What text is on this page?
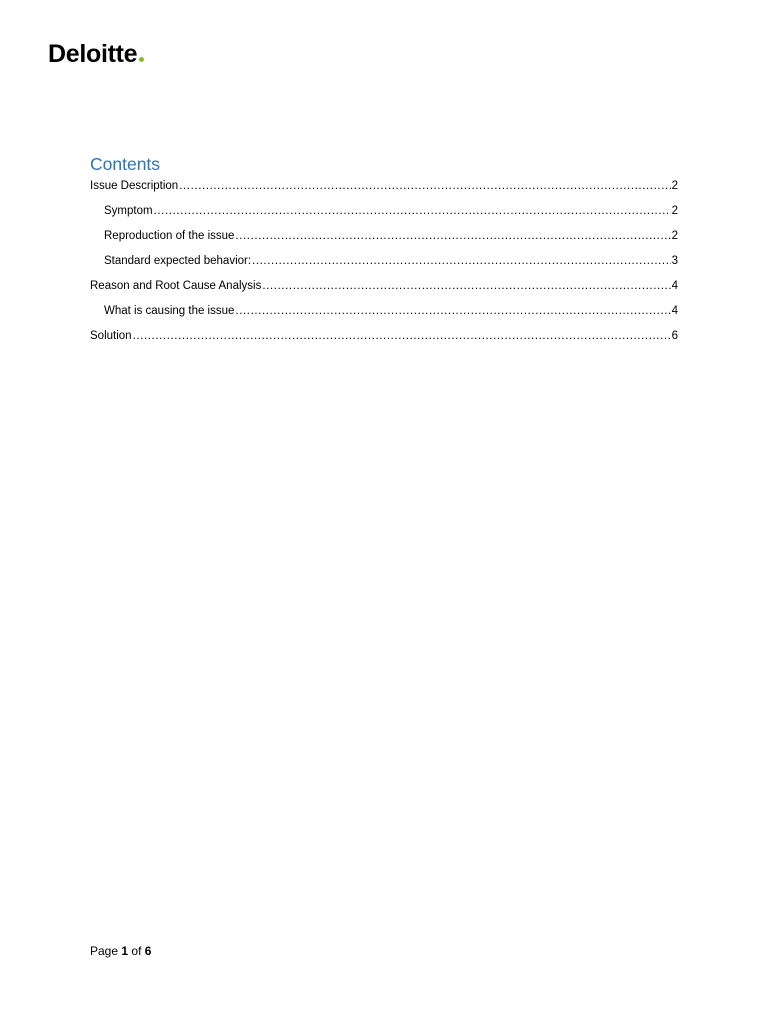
Deloitte
Contents
Issue Description .....	2
Symptom .....	2
Reproduction of the issue .....	2
Standard expected behavior: .....	3
Reason and Root Cause Analysis .....	4
What is causing the issue .....	4
Solution .....	6
Page 1 of 6
